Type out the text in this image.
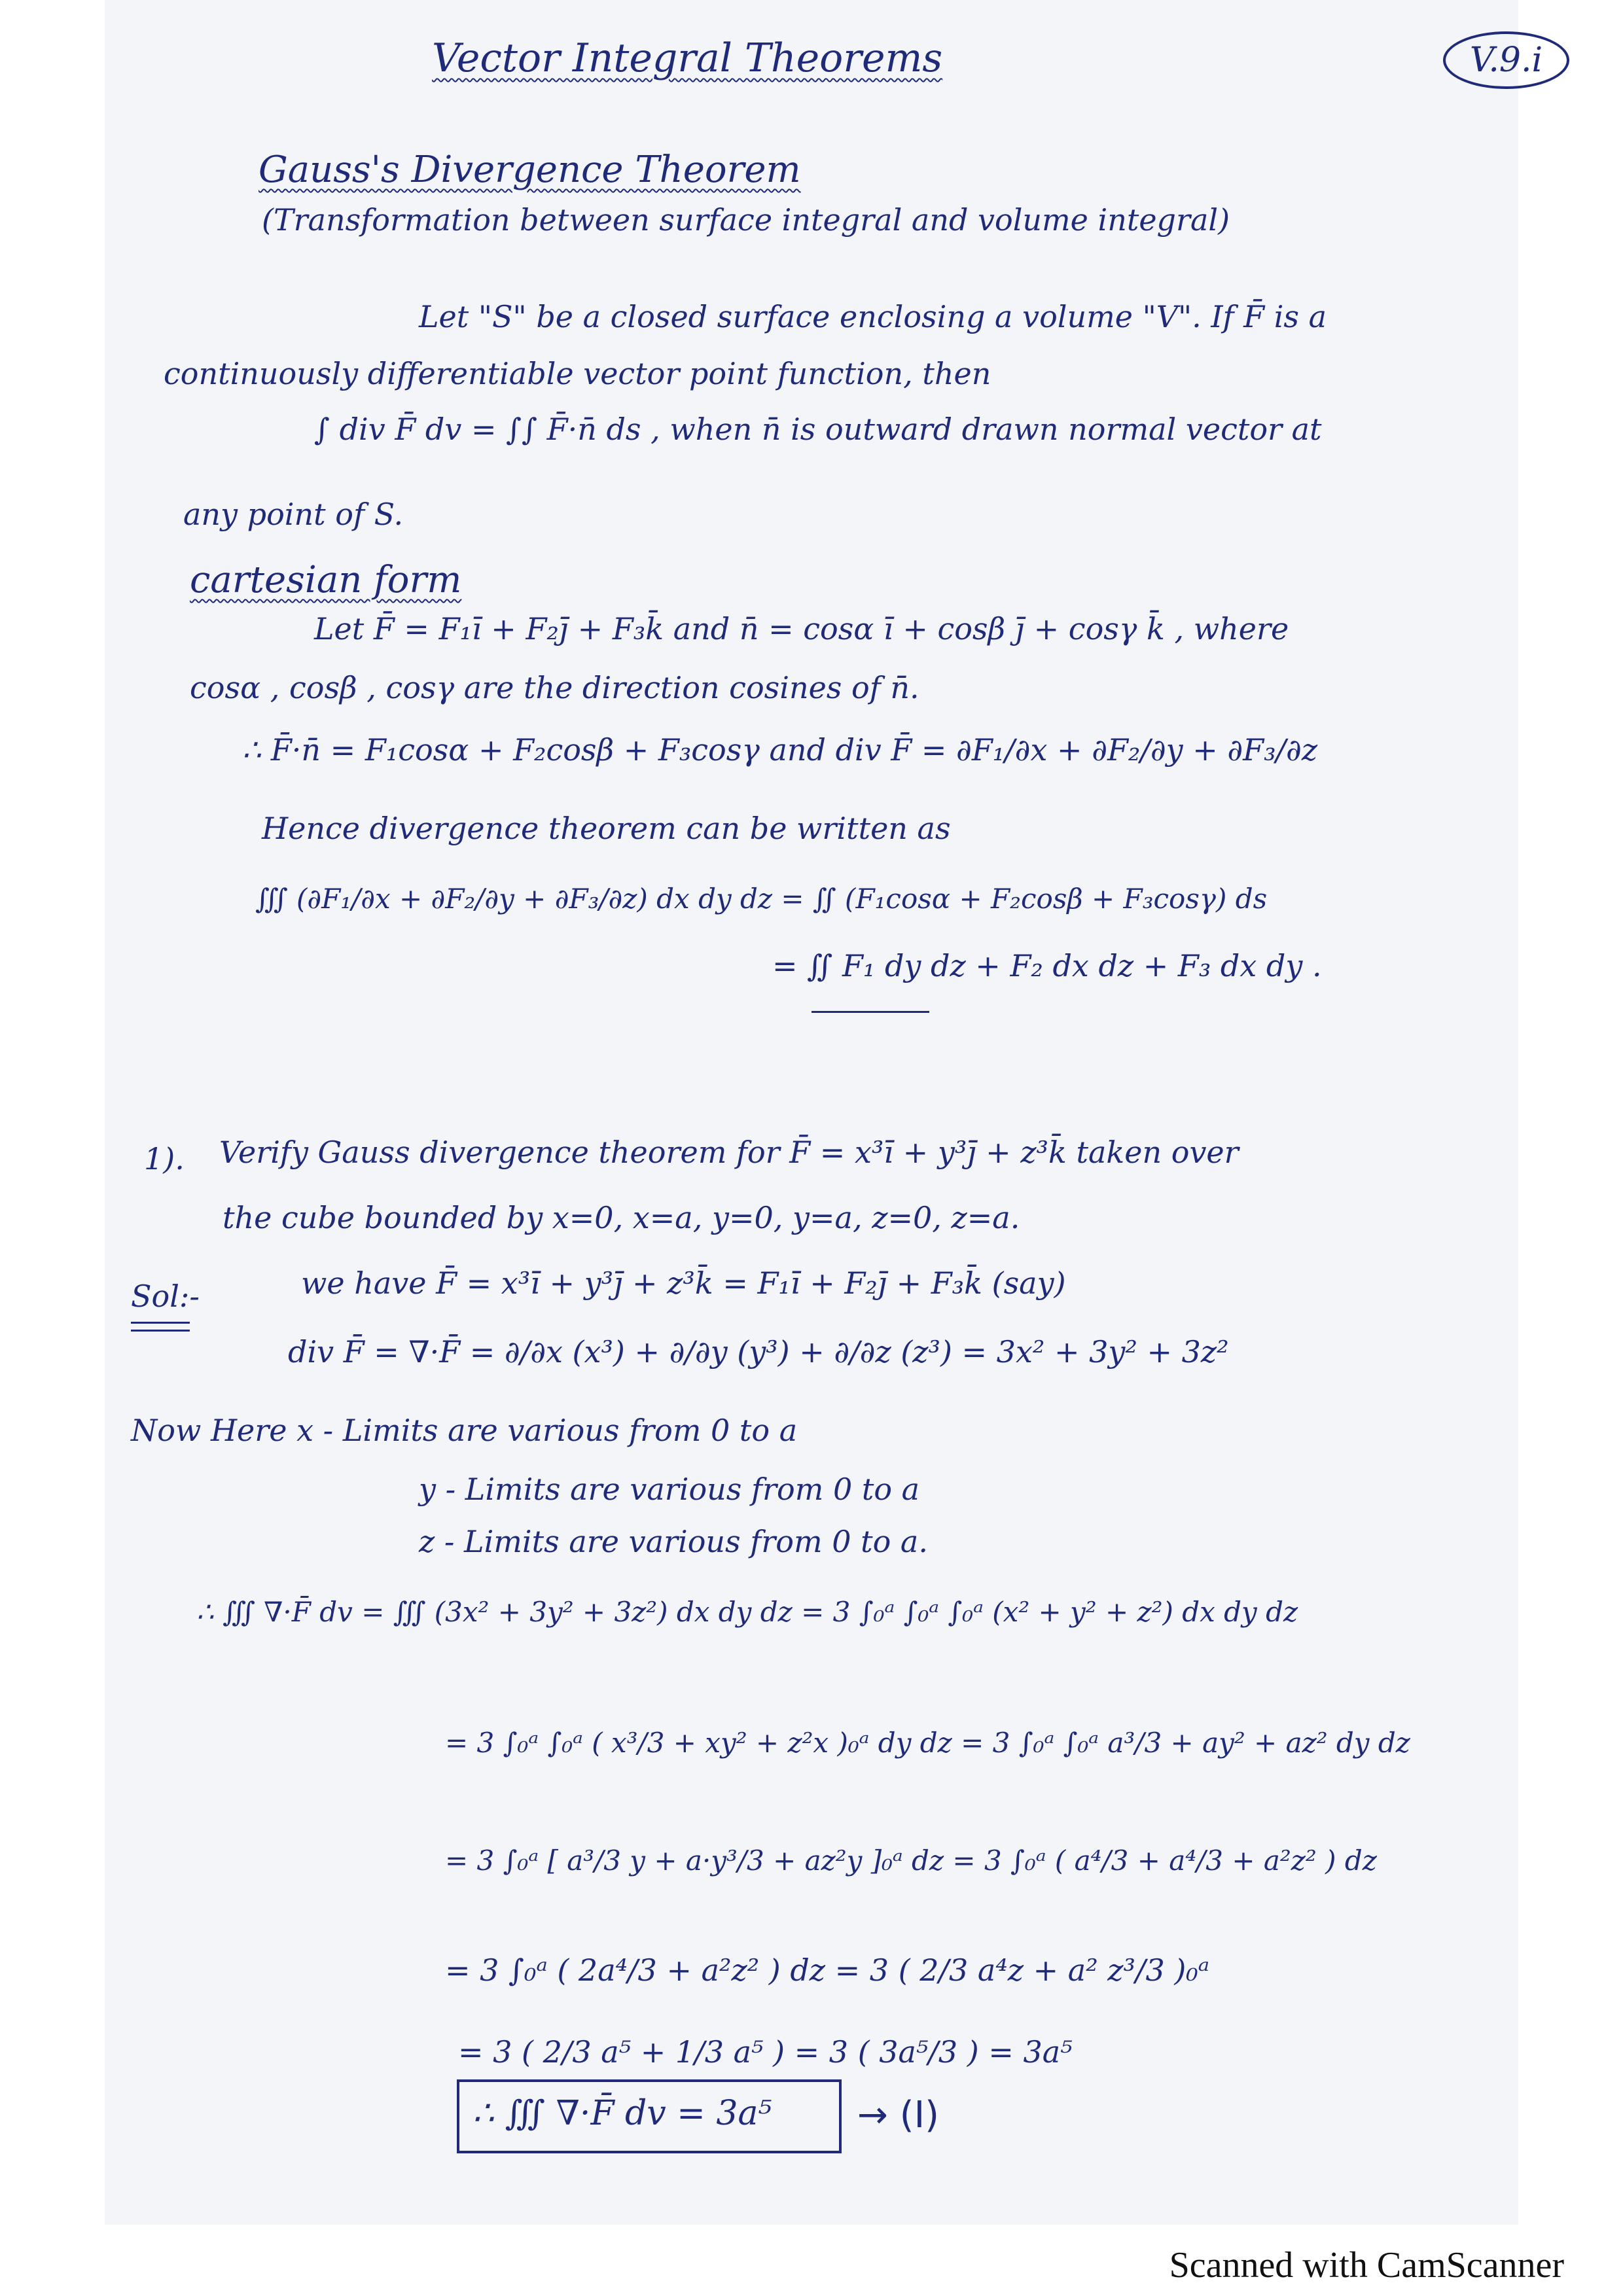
V.9.i
Vector Integral Theorems
Gauss's Divergence Theorem
(Transformation between surface integral and volume integral)
Let "S" be a closed surface enclosing a volume "V". If F̄ is a
continuously differentiable vector point function, then
∫ div F̄ dv = ∫∫ F̄·n̄ ds , when n̄ is outward drawn normal vector at
any point of S.
cartesian form
Let F̄ = F₁ī + F₂j̄ + F₃k̄ and n̄ = cosα ī + cosβ j̄ + cosγ k̄ , where
cosα , cosβ , cosγ are the direction cosines of n̄.
∴ F̄·n̄ = F₁cosα + F₂cosβ + F₃cosγ and div F̄ = ∂F₁/∂x + ∂F₂/∂y + ∂F₃/∂z
Hence divergence theorem can be written as
∭ (∂F₁/∂x + ∂F₂/∂y + ∂F₃/∂z) dx dy dz = ∬ (F₁cosα + F₂cosβ + F₃cosγ) ds
= ∬ F₁ dy dz + F₂ dx dz + F₃ dx dy .
1). Verify Gauss divergence theorem for F̄ = x³ī + y³j̄ + z³k̄ taken over
the cube bounded by x=0, x=a, y=0, y=a, z=0, z=a.
Sol:-	we have F̄ = x³ī + y³j̄ + z³k̄ = F₁ī + F₂j̄ + F₃k̄ (say)
div F̄ = ∇·F̄ = ∂/∂x (x³) + ∂/∂y (y³) + ∂/∂z (z³) = 3x² + 3y² + 3z²
Now Here x - Limits are various from 0 to a
y - Limits are various from 0 to a
z - Limits are various from 0 to a.
∴ ∭ ∇·F̄ dv = ∭ (3x² + 3y² + 3z²) dx dy dz = 3 ∫₀ᵃ ∫₀ᵃ ∫₀ᵃ (x² + y² + z²) dx dy dz
= 3 ∫₀ᵃ ∫₀ᵃ ( x³/3 + xy² + z²x )₀ᵃ dy dz = 3 ∫₀ᵃ ∫₀ᵃ a³/3 + ay² + az² dy dz
= 3 ∫₀ᵃ [ a³/3 y + a·y³/3 + az²y ]₀ᵃ dz = 3 ∫₀ᵃ ( a⁴/3 + a⁴/3 + a²z² ) dz
= 3 ∫₀ᵃ ( 2a⁴/3 + a²z² ) dz = 3 ( 2/3 a⁴z + a² z³/3 )₀ᵃ
= 3 ( 2/3 a⁵ + 1/3 a⁵ ) = 3 ( 3a⁵/3 ) = 3a⁵
∴ ∭ ∇·F̄ dv = 3a⁵ → (I)
Scanned with CamScanner
